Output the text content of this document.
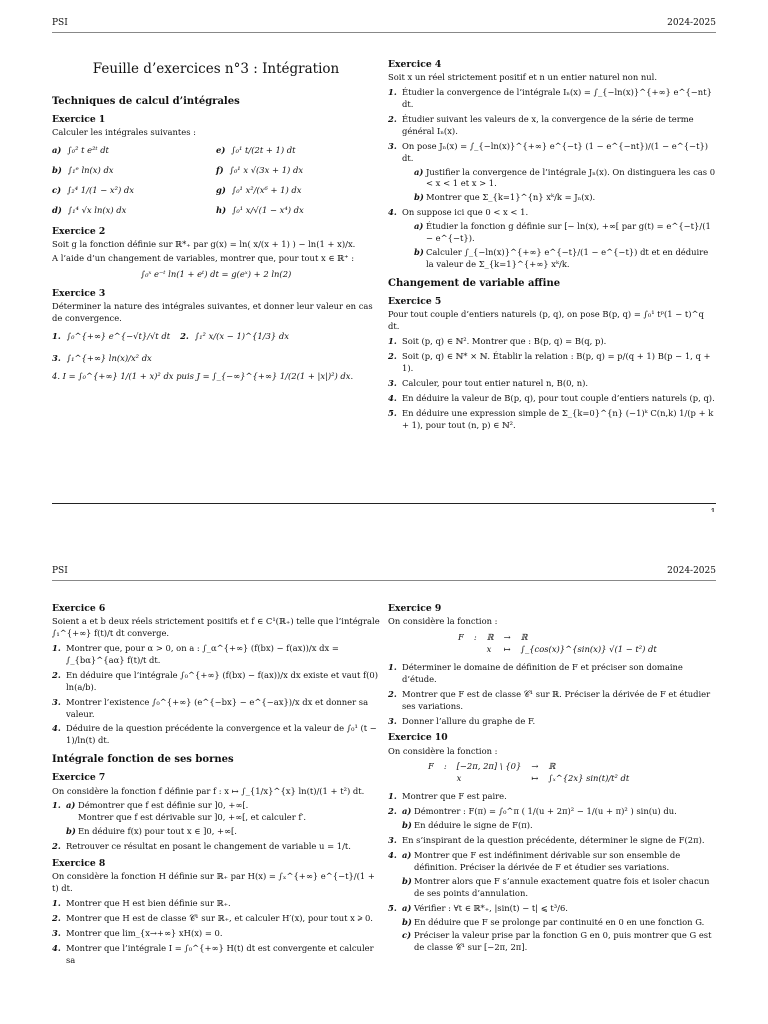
PSI	2024-2025
Feuille d’exercices n°3 : Intégration
Techniques de calcul d’intégrales
Exercice 1
Calculer les intégrales suivantes :
a) ∫₀² t e²ᵗ dt	e) ∫₀¹ t/(2t + 1) dt
b) ∫₁ᵉ ln(x) dx	f) ∫₀¹ x √(3x + 1) dx
c) ∫₂⁴ 1/(1 − x²) dx	g) ∫₀¹ x²/(x⁶ + 1) dx
d) ∫₁⁴ √x ln(x) dx	h) ∫₀¹ x/√(1 − x⁴) dx
Exercice 2
Soit g la fonction définie sur ℝ*₊ par g(x) = ln( x/(x + 1) ) − ln(1 + x)/x.
A l’aide d’un changement de variables, montrer que, pour tout x ∈ ℝ⁺ :
∫₀ˣ e⁻ᵗ ln(1 + eᵗ) dt = g(eˣ) + 2 ln(2)
Exercice 3
Déterminer la nature des intégrales suivantes, et donner leur valeur en cas de convergence.
1. ∫₀^{+∞} e^{−√t}/√t dt 2. ∫₁² x/(x − 1)^{1/3} dx
3. ∫₁^{+∞} ln(x)/x² dx
4. I = ∫₀^{+∞} 1/(1 + x)² dx puis J = ∫_{−∞}^{+∞} 1/(2(1 + |x|)²) dx.
Exercice 4
Soit x un réel strictement positif et n un entier naturel non nul.
1. Étudier la convergence de l’intégrale Iₙ(x) = ∫_{−ln(x)}^{+∞} e^{−nt} dt.
2. Étudier suivant les valeurs de x, la convergence de la série de terme général Iₙ(x).
3. On pose Jₙ(x) = ∫_{−ln(x)}^{+∞} e^{−t} (1 − e^{−nt})/(1 − e^{−t}) dt.
a) Justifier la convergence de l’intégrale Jₙ(x). On distinguera les cas 0 < x < 1 et x > 1.
b) Montrer que Σ_{k=1}^{n} xᵏ/k = Jₙ(x).
4. On suppose ici que 0 < x < 1.
a) Étudier la fonction g définie sur [− ln(x), +∞[ par g(t) = e^{−t}/(1 − e^{−t}).
b) Calculer ∫_{−ln(x)}^{+∞} e^{−t}/(1 − e^{−t}) dt et en déduire la valeur de Σ_{k=1}^{+∞} xᵏ/k.
Changement de variable affine
Exercice 5
Pour tout couple d’entiers naturels (p, q), on pose B(p, q) = ∫₀¹ tᵖ(1 − t)^q dt.
1. Soit (p, q) ∈ ℕ². Montrer que : B(p, q) = B(q, p).
2. Soit (p, q) ∈ ℕ* × ℕ. Établir la relation : B(p, q) = p/(q + 1) B(p − 1, q + 1).
3. Calculer, pour tout entier naturel n, B(0, n).
4. En déduire la valeur de B(p, q), pour tout couple d’entiers naturels (p, q).
5. En déduire une expression simple de Σ_{k=0}^{n} (−1)ᵏ C(n,k) 1/(p + k + 1), pour tout (n, p) ∈ ℕ².
PSI	2024-2025
Exercice 6
Soient a et b deux réels strictement positifs et f ∈ C¹(ℝ₊) telle que l’intégrale ∫₁^{+∞} f(t)/t dt converge.
1. Montrer que, pour α > 0, on a : ∫_α^{+∞} (f(bx) − f(ax))/x dx = ∫_{bα}^{aα} f(t)/t dt.
2. En déduire que l’intégrale ∫₀^{+∞} (f(bx) − f(ax))/x dx existe et vaut f(0) ln(a/b).
3. Montrer l’existence ∫₀^{+∞} (e^{−bx} − e^{−ax})/x dx et donner sa valeur.
4. Déduire de la question précédente la convergence et la valeur de ∫₀¹ (t − 1)/ln(t) dt.
Intégrale fonction de ses bornes
Exercice 7
On considère la fonction f définie par f : x ↦ ∫_{1/x}^{x} ln(t)/(1 + t²) dt.
1. a) Démontrer que f est définie sur ]0, +∞[.
Montrer que f est dérivable sur ]0, +∞[, et calculer f′.
b) En déduire f(x) pour tout x ∈ ]0, +∞[.
2. Retrouver ce résultat en posant le changement de variable u = 1/t.
Exercice 8
On considère la fonction H définie sur ℝ₊ par H(x) = ∫ₓ^{+∞} e^{−t}/(1 + t) dt.
1. Montrer que H est bien définie sur ℝ₊.
2. Montrer que H est de classe 𝒞¹ sur ℝ₊, et calculer H′(x), pour tout x ⩾ 0.
3. Montrer que lim_{x→+∞} xH(x) = 0.
4. Montrer que l’intégrale I = ∫₀^{+∞} H(t) dt est convergente et calculer sa
Exercice 9
On considère la fonction :
F : ℝ → ℝ
x ↦ ∫_{cos(x)}^{sin(x)} √(1 − t²) dt
1. Déterminer le domaine de définition de F et préciser son domaine d’étude.
2. Montrer que F est de classe 𝒞¹ sur ℝ. Préciser la dérivée de F et étudier ses variations.
3. Donner l’allure du graphe de F.
Exercice 10
On considère la fonction :
F : [−2π, 2π] \ {0} → ℝ
x	↦ ∫ₓ^{2x} sin(t)/t² dt
1. Montrer que F est paire.
2. a) Démontrer : F(π) = ∫₀^π ( 1/(u + 2π)² − 1/(u + π)² ) sin(u) du.
b) En déduire le signe de F(π).
3. En s’inspirant de la question précédente, déterminer le signe de F(2π).
4. a) Montrer que F est indéfiniment dérivable sur son ensemble de définition. Préciser la dérivée de F et étudier ses variations.
b) Montrer alors que F s’annule exactement quatre fois et isoler chacun de ses points d’annulation.
5. a) Vérifier : ∀t ∈ ℝ*₊, |sin(t) − t| ⩽ t³/6.
b) En déduire que F se prolonge par continuité en 0 en une fonction G.
c) Préciser la valeur prise par la fonction G en 0, puis montrer que G est de classe 𝒞¹ sur [−2π, 2π].
